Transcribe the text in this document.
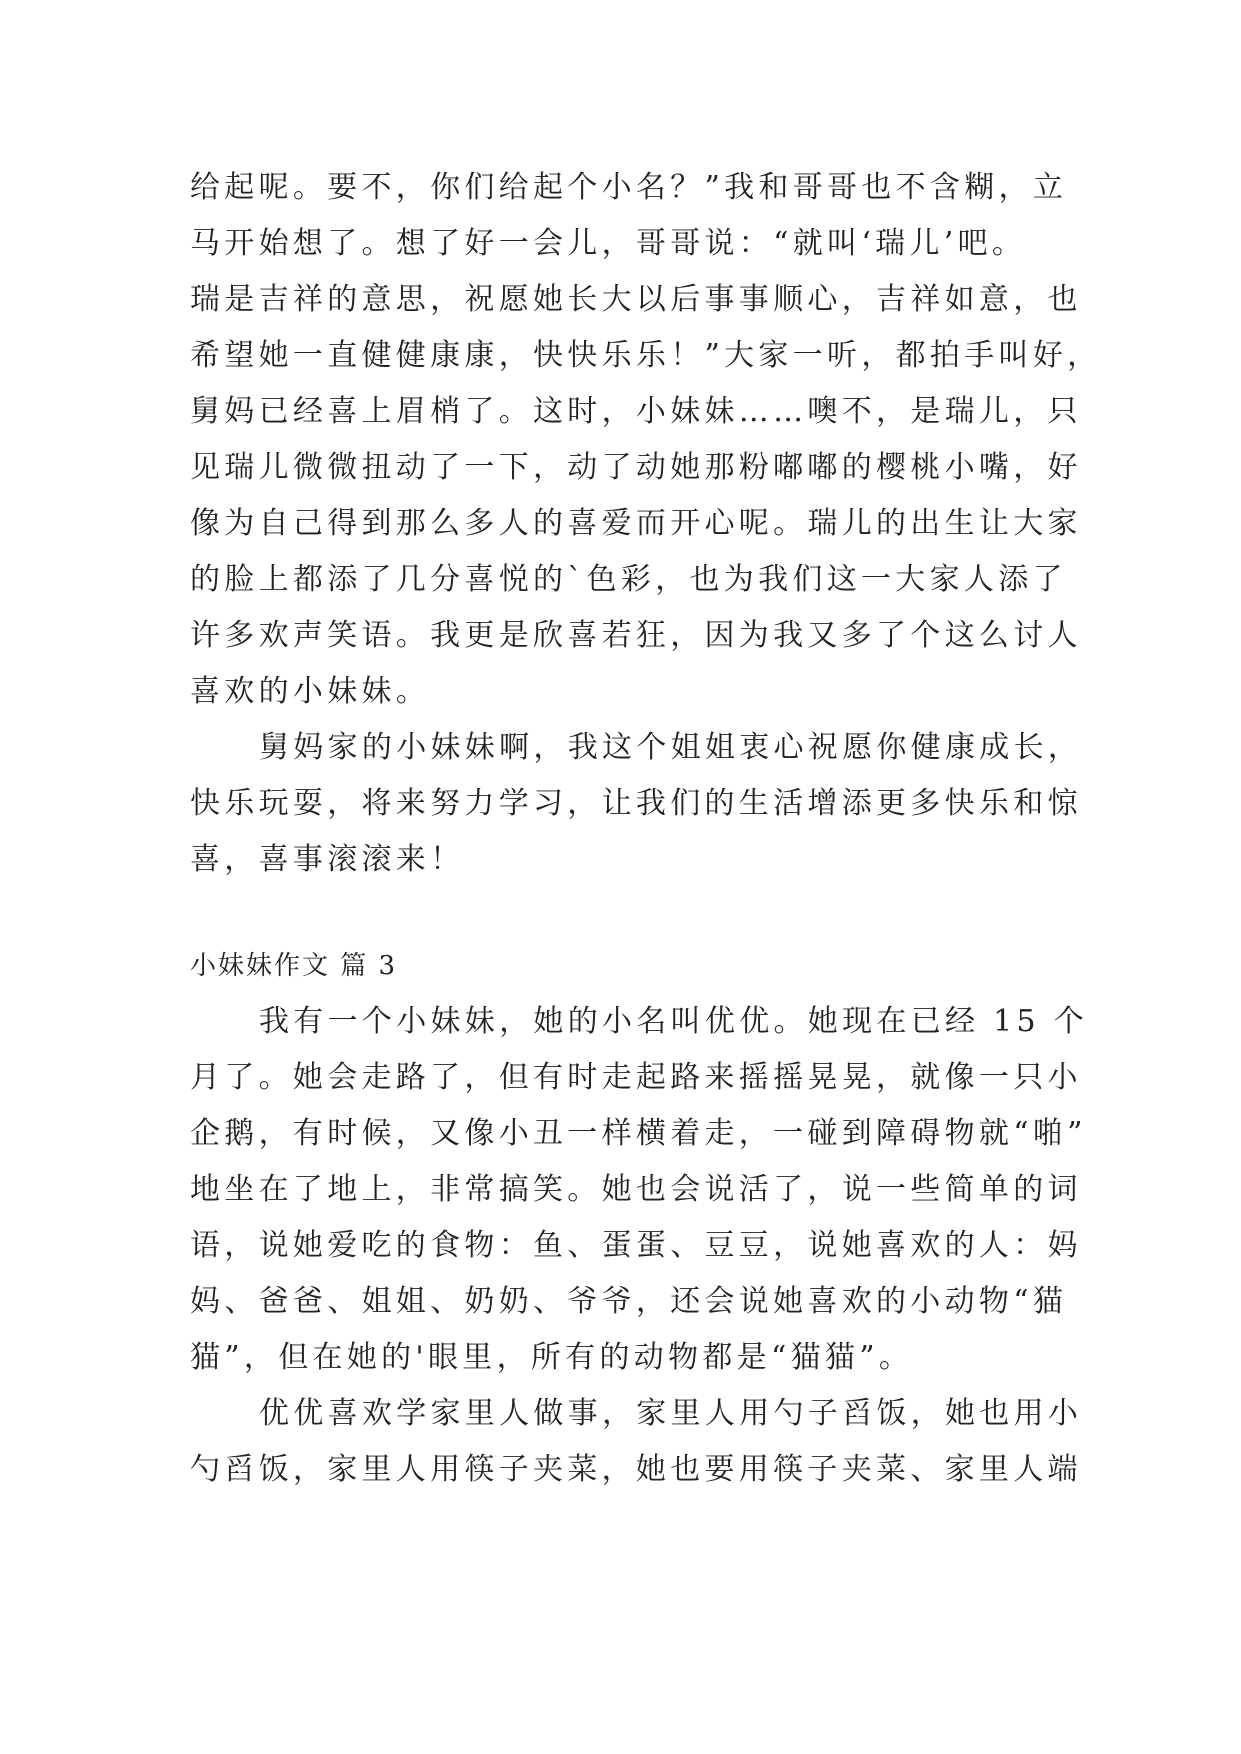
给起呢。要不，你们给起个小名？”我和哥哥也不含糊，立
马开始想了。想了好一会儿，哥哥说：“就叫‘瑞儿’吧。
瑞是吉祥的意思，祝愿她长大以后事事顺心，吉祥如意，也
希望她一直健健康康，快快乐乐！”大家一听，都拍手叫好，
舅妈已经喜上眉梢了。这时，小妹妹……噢不，是瑞儿，只
见瑞儿微微扭动了一下，动了动她那粉嘟嘟的樱桃小嘴，好
像为自己得到那么多人的喜爱而开心呢。瑞儿的出生让大家
的脸上都添了几分喜悦的`色彩，也为我们这一大家人添了
许多欢声笑语。我更是欣喜若狂，因为我又多了个这么讨人
喜欢的小妹妹。
舅妈家的小妹妹啊，我这个姐姐衷心祝愿你健康成长，
快乐玩耍，将来努力学习，让我们的生活增添更多快乐和惊
喜，喜事滚滚来！
小妹妹作文 篇 3
我有一个小妹妹，她的小名叫优优。她现在已经 15 个
月了。她会走路了，但有时走起路来摇摇晃晃，就像一只小
企鹅，有时候，又像小丑一样横着走，一碰到障碍物就“啪”
地坐在了地上，非常搞笑。她也会说活了，说一些简单的词
语，说她爱吃的食物：鱼、蛋蛋、豆豆，说她喜欢的人：妈
妈、爸爸、姐姐、奶奶、爷爷，还会说她喜欢的小动物“猫
猫”，但在她的'眼里，所有的动物都是“猫猫”。
优优喜欢学家里人做事，家里人用勺子舀饭，她也用小
勺舀饭，家里人用筷子夹菜，她也要用筷子夹菜、家里人端
